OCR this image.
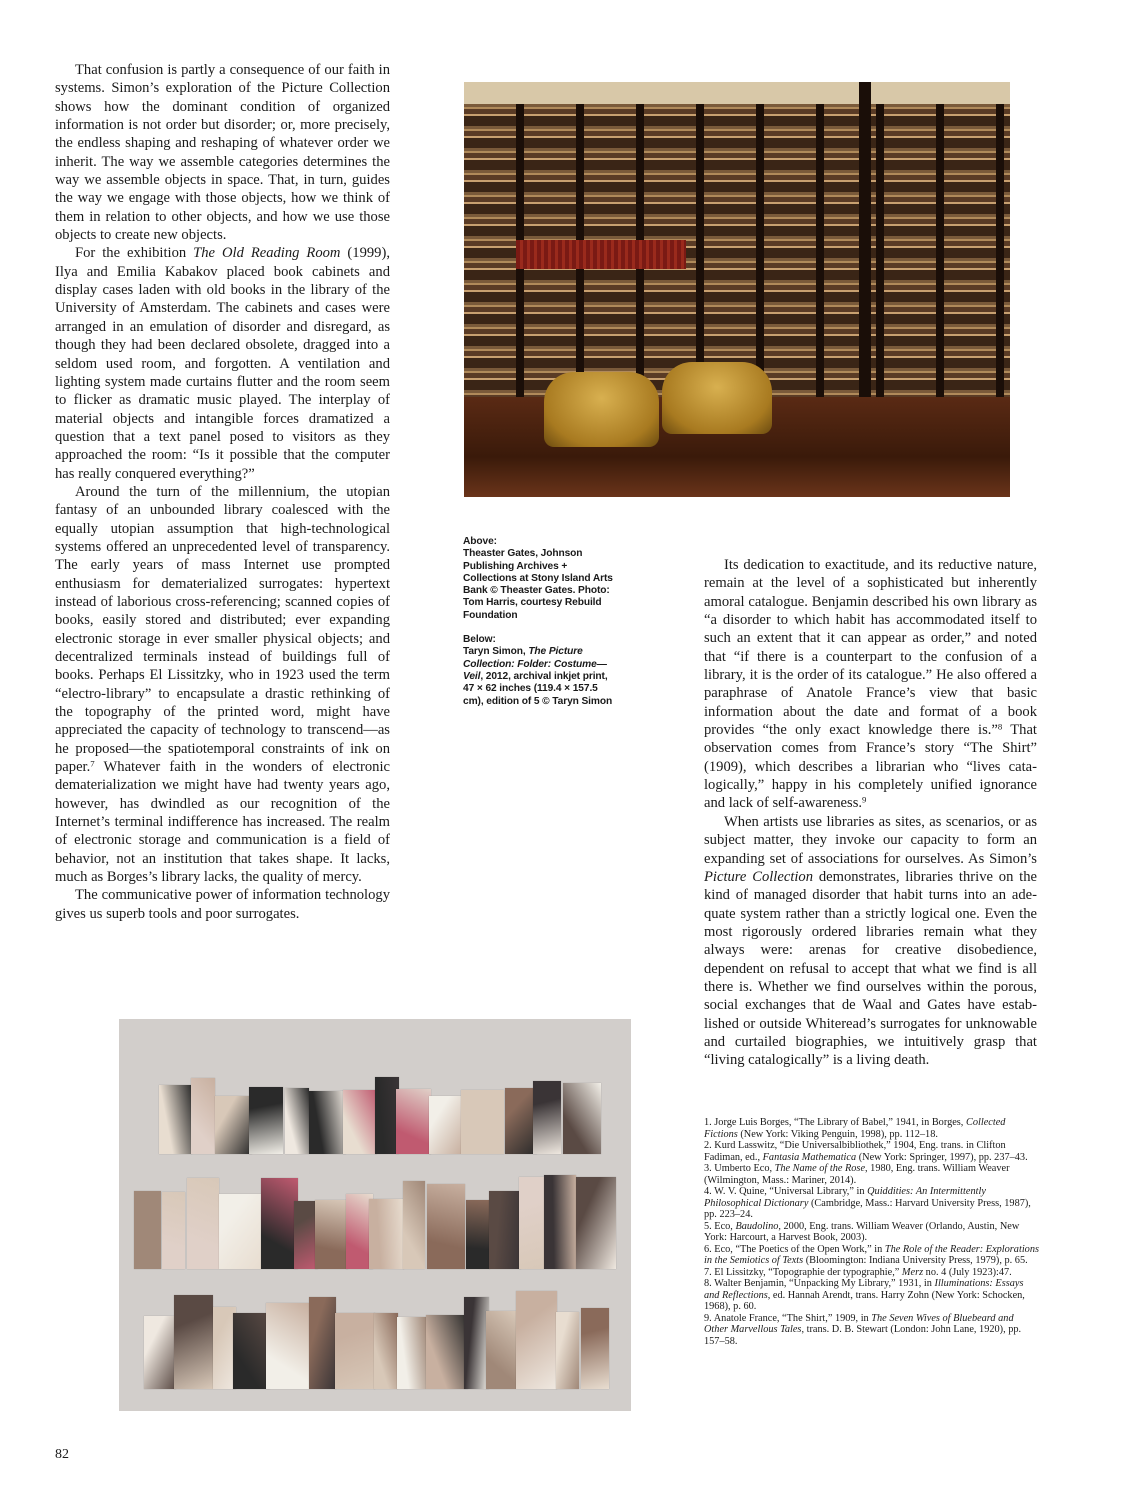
That confusion is partly a consequence of our faith in systems. Simon’s exploration of the Picture Collection shows how the dominant condition of organized information is not order but disorder; or, more precisely, the endless shaping and reshaping of whatever order we inherit. The way we assemble categories determines the way we assemble objects in space. That, in turn, guides the way we engage with those objects, how we think of them in relation to other objects, and how we use those objects to create new objects.

For the exhibition The Old Reading Room (1999), Ilya and Emilia Kabakov placed book cabinets and display cases laden with old books in the library of the University of Amsterdam. The cabinets and cases were arranged in an emulation of disorder and disregard, as though they had been declared obsolete, dragged into a seldom used room, and forgotten. A ventilation and lighting system made curtains flutter and the room seem to flicker as dramatic music played. The interplay of material objects and intangible forces dramatized a question that a text panel posed to visitors as they approached the room: “Is it possible that the computer has really conquered everything?”

Around the turn of the millennium, the utopian fantasy of an unbounded library coalesced with the equally utopian assumption that high-technological systems offered an unprecedented level of transparency. The early years of mass Internet use prompted enthusiasm for dematerialized surrogates: hypertext instead of laborious cross-referencing; scanned copies of books, easily stored and distributed; ever expanding electronic storage in ever smaller physical objects; and decentralized terminals instead of buildings full of books. Perhaps El Lissitzky, who in 1923 used the term “electro-library” to encapsulate a drastic rethinking of the topography of the printed word, might have appreciated the capacity of technology to transcend—as he proposed—the spatiotemporal constraints of ink on paper.$^7$ Whatever faith in the wonders of electronic dematerialization we might have had twenty years ago, however, has dwindled as our recognition of the Internet’s terminal indifference has increased. The realm of electronic storage and communication is a field of behavior, not an institution that takes shape. It lacks, much as Borges’s library lacks, the quality of mercy.

The communicative power of information technology gives us superb tools and poor surrogates.

Above:
Theaster Gates, Johnson Publishing Archives + Collections at Stony Island Arts Bank © Theaster Gates. Photo: Tom Harris, courtesy Rebuild Foundation

Below:
Taryn Simon, The Picture Collection: Folder: Costume—Veil, 2012, archival inkjet print, 47 × 62 inches (119.4 × 157.5 cm), edition of 5 © Taryn Simon

Its dedication to exactitude, and its reductive nature, remain at the level of a sophisticated but inherently amoral catalogue. Benjamin described his own library as “a disorder to which habit has accommodated itself to such an extent that it can appear as order,” and noted that “if there is a counterpart to the confusion of a library, it is the order of its catalogue.” He also offered a paraphrase of Anatole France’s view that basic information about the date and format of a book provides “the only exact knowledge there is.”$^8$ That observation comes from France’s story “The Shirt” (1909), which describes a librarian who “lives catalogically,” happy in his completely unified ignorance and lack of self-awareness.$^9$

When artists use libraries as sites, as scenarios, or as subject matter, they invoke our capacity to form an expanding set of associations for ourselves. As Simon’s Picture Collection demonstrates, libraries thrive on the kind of managed disorder that habit turns into an adequate system rather than a strictly logical one. Even the most rigorously ordered libraries remain what they always were: arenas for creative disobedience, dependent on refusal to accept that what we find is all there is. Whether we find ourselves within the porous, social exchanges that de Waal and Gates have established or outside Whiteread’s surrogates for unknowable and curtailed biographies, we intuitively grasp that “living catalogically” is a living death.

1. Jorge Luis Borges, “The Library of Babel,” 1941, in Borges, Collected Fictions (New York: Viking Penguin, 1998), pp. 112–18.

2. Kurd Lasswitz, “Die Universalbibliothek,” 1904, Eng. trans. in Clifton Fadiman, ed., Fantasia Mathematica (New York: Springer, 1997), pp. 237–43.

3. Umberto Eco, The Name of the Rose, 1980, Eng. trans. William Weaver (Wilmington, Mass.: Mariner, 2014).

4. W. V. Quine, “Universal Library,” in Quiddities: An Intermittently Philosophical Dictionary (Cambridge, Mass.: Harvard University Press, 1987), pp. 223–24.

5. Eco, Baudolino, 2000, Eng. trans. William Weaver (Orlando, Austin, New York: Harcourt, a Harvest Book, 2003).

6. Eco, “The Poetics of the Open Work,” in The Role of the Reader: Explorations in the Semiotics of Texts (Bloomington: Indiana University Press, 1979), p. 65.

7. El Lissitzky, “Topographie der typographie,” Merz no. 4 (July 1923):47.

8. Walter Benjamin, “Unpacking My Library,” 1931, in Illuminations: Essays and Reflections, ed. Hannah Arendt, trans. Harry Zohn (New York: Schocken, 1968), p. 60.

9. Anatole France, “The Shirt,” 1909, in The Seven Wives of Bluebeard and Other Marvellous Tales, trans. D. B. Stewart (London: John Lane, 1920), pp. 157–58.

82
